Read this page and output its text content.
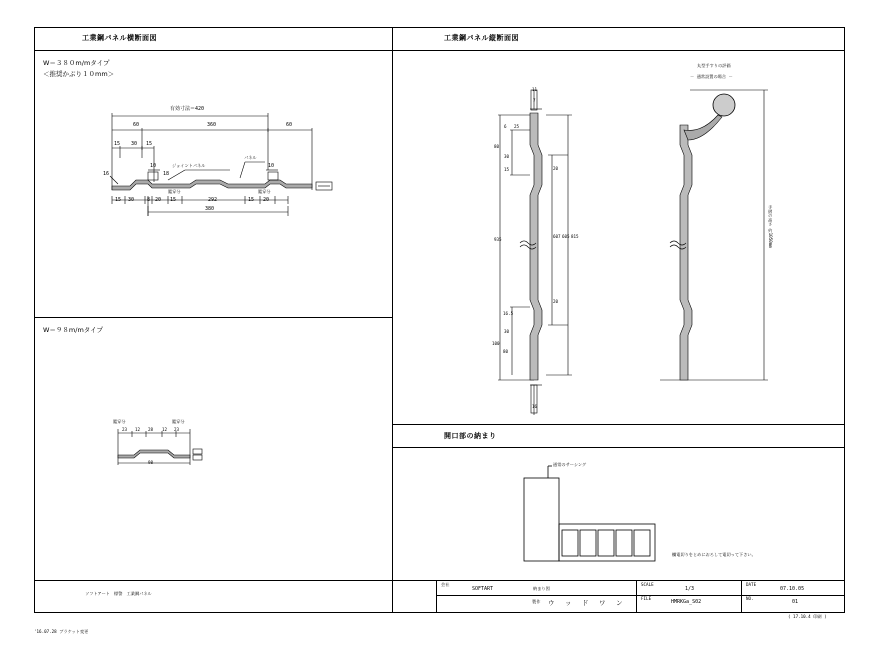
工業鋼パネル横断面図
W＝３８０m/mタイプ
＜推奨かぶり１０mm＞
有効寸法＝420
60	360	60
15 30 15
10	10
ジョイントパネル
パネル
16	18
鑑穿分	鑑穿分
15 30	8 20 15	292	15 20
380
W＝９８m/mタイプ
鑑穿分	鑑穿分
23 12 28 12 23
98
工業鋼パネル縦断面図
丸型手すりの評価
－ 通常設置の場合 －
11
7
6 25
80
30
15
935
16.5
100
80
30
16
20
607 605 815
20
手摺の高さ 約1050mm
開口部の納まり
通常のサーシング
欄電切りをとめにおろして電切って下さい。
ソフトアート　標警　工業鋼パネル
会社
SOFTART	納まり図
製作 ウ　ッ　ド　ワ　ン
SCALE
1/3
FILE
HMRKGa_S02
DATE
07.10.05
NO.
01
( 17.10.4 印刷 )
'16.07.28 ブラケット変更
